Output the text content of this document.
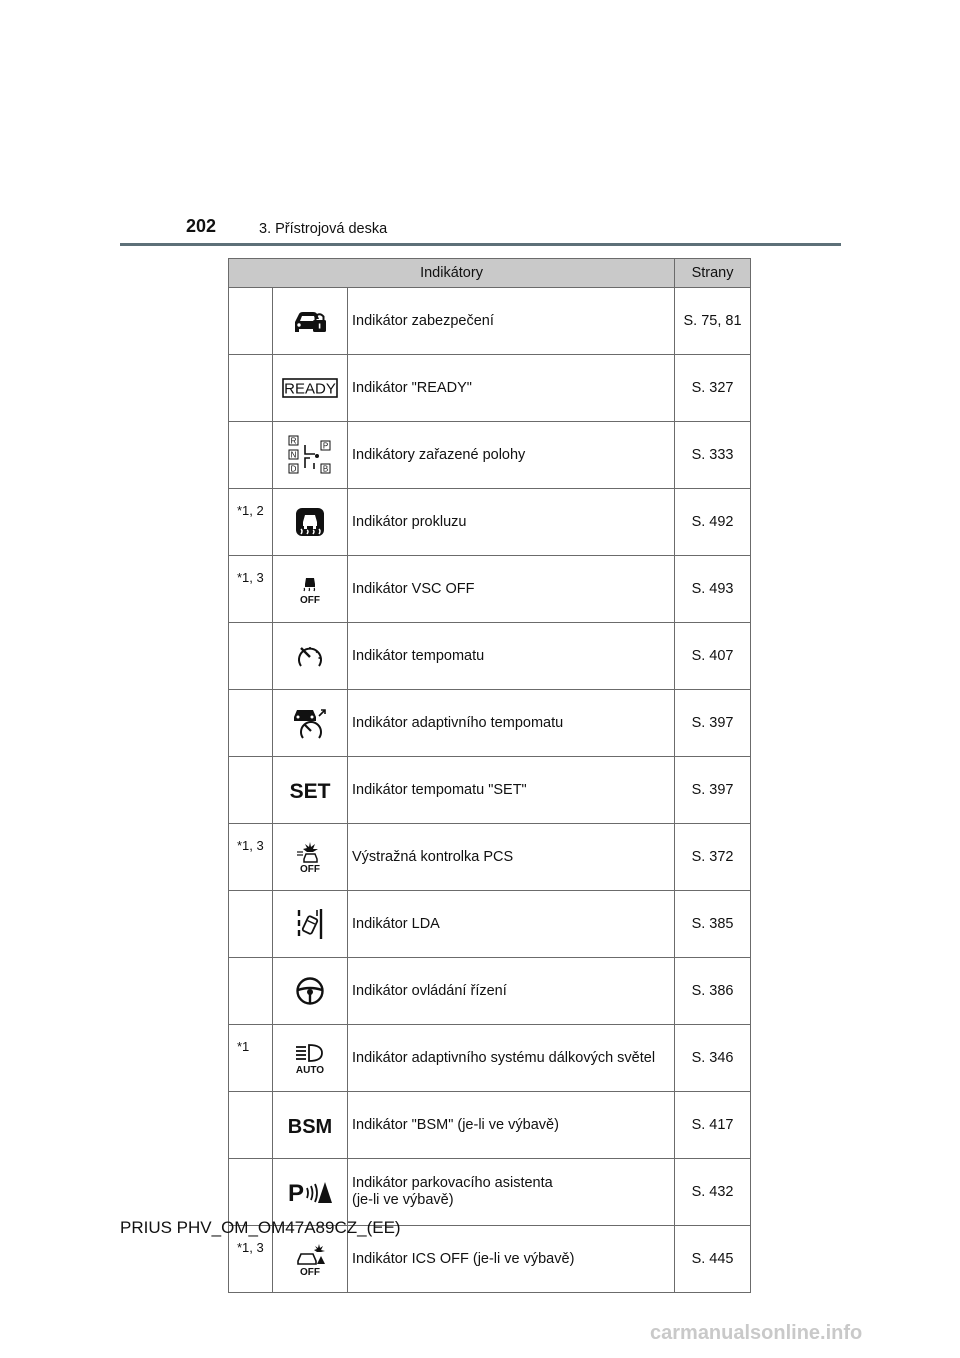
202	3. Přístrojová deska
Indikátory			Strany

	Indikátor zabezpečení	S. 75, 81

READY	Indikátor "READY"	S. 327

R
N
D
P
B	Indikátory zařazené polohy	S. 333
*1, 2		Indikátor prokluzu	S. 492
*1, 3	OFF	Indikátor VSC OFF	S. 493

	Indikátor tempomatu	S. 407

	Indikátor adaptivního tempomatu	S. 397

SET	Indikátor tempomatu "SET"	S. 397
*1, 3	OFF	Výstražná kontrolka PCS	S. 372

	Indikátor LDA	S. 385

	Indikátor ovládání řízení	S. 386
*1	AUTO	Indikátor adaptivního systému dálkových světel	S. 346

BSM	Indikátor "BSM" (je-li ve výbavě)	S. 417

P	Indikátor parkovacího asistenta
(je-li ve výbavě)	S. 432
*1, 3	OFF	Indikátor ICS OFF (je-li ve výbavě)	S. 445
PRIUS PHV_OM_OM47A89CZ_(EE)
carmanualsonline.info
